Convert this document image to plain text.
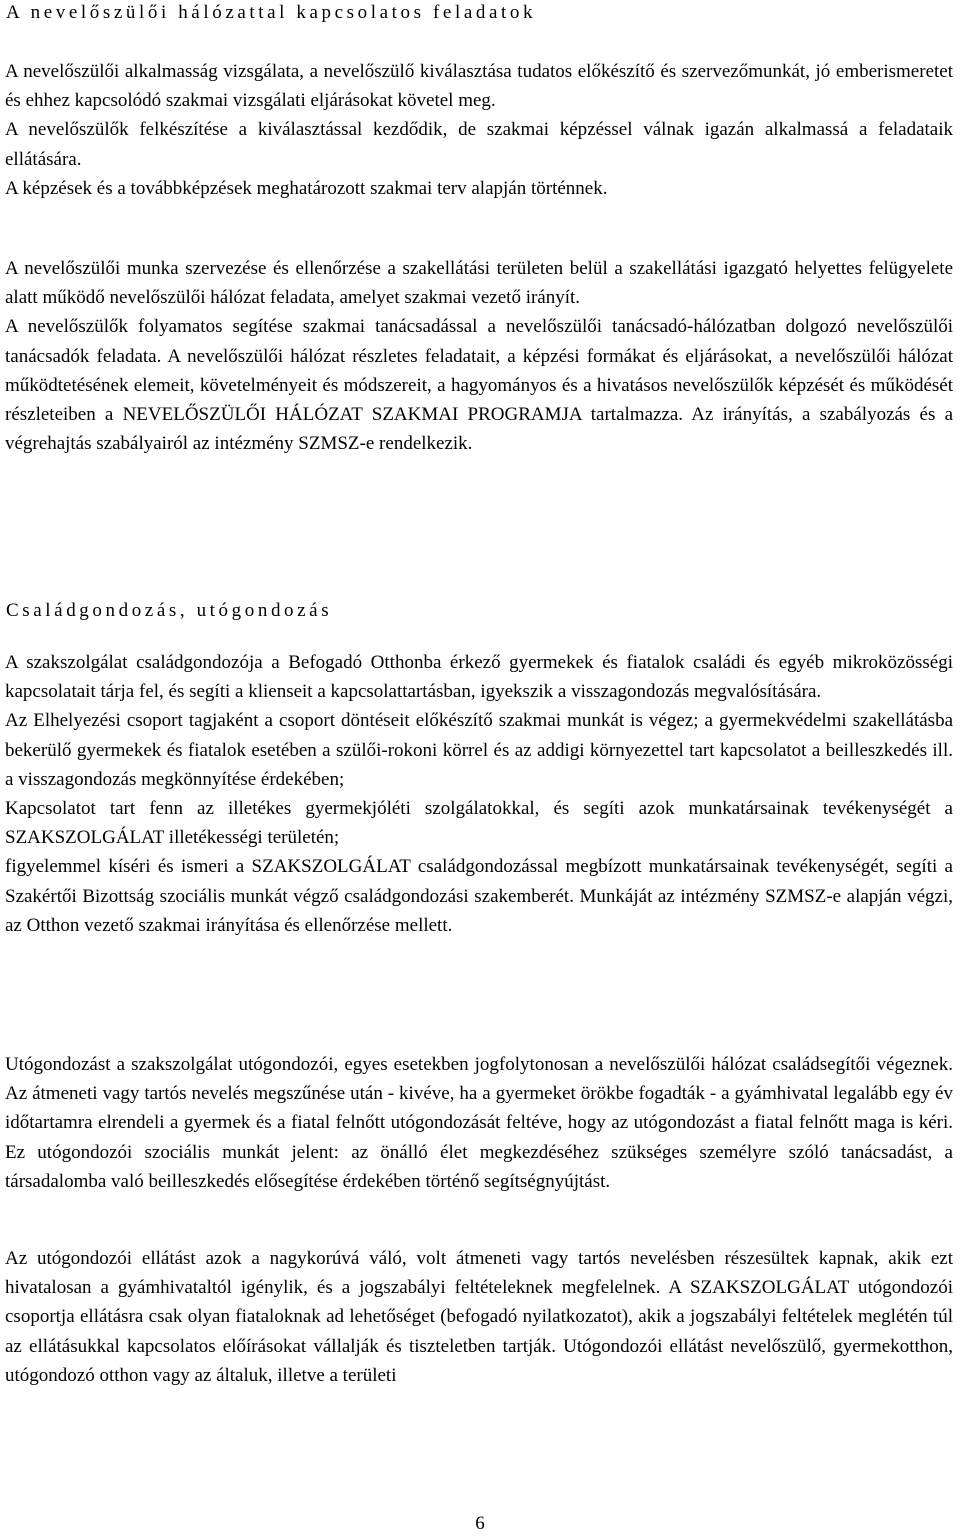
A nevelőszülői hálózattal kapcsolatos feladatok

A nevelőszülői alkalmasság vizsgálata, a nevelőszülő kiválasztása tudatos előkészítő és szervezőmunkát, jó emberismeretet és ehhez kapcsolódó szakmai vizsgálati eljárásokat követel meg.

A nevelőszülők felkészítése a kiválasztással kezdődik, de szakmai képzéssel válnak igazán alkalmassá a feladataik ellátására.

A képzések és a továbbképzések meghatározott szakmai terv alapján történnek.

A nevelőszülői munka szervezése és ellenőrzése a szakellátási területen belül a szakellátási igazgató helyettes felügyelete alatt működő nevelőszülői hálózat feladata, amelyet szakmai vezető irányít.

A nevelőszülők folyamatos segítése szakmai tanácsadással a nevelőszülői tanácsadó-hálózatban dolgozó nevelőszülői tanácsadók feladata. A nevelőszülői hálózat részletes feladatait, a képzési formákat és eljárásokat, a nevelőszülői hálózat működtetésének elemeit, követelményeit és módszereit, a hagyományos és a hivatásos nevelőszülők képzését és működését részleteiben a NEVELŐSZÜLŐI HÁLÓZAT SZAKMAI PROGRAMJA tartalmazza. Az irányítás, a szabályozás és a végrehajtás szabályairól az intézmény SZMSZ-e rendelkezik.

Családgondozás, utógondozás

A szakszolgálat családgondozója a Befogadó Otthonba érkező gyermekek és fiatalok családi és egyéb mikroközösségi kapcsolatait tárja fel, és segíti a klienseit a kapcsolattartásban, igyekszik a visszagondozás megvalósítására.

Az Elhelyezési csoport tagjaként a csoport döntéseit előkészítő szakmai munkát is végez; a gyermekvédelmi szakellátásba bekerülő gyermekek és fiatalok esetében a szülői-rokoni körrel és az addigi környezettel tart kapcsolatot a beilleszkedés ill. a visszagondozás megkönnyítése érdekében;

Kapcsolatot tart fenn az illetékes gyermekjóléti szolgálatokkal, és segíti azok munkatársainak tevékenységét a SZAKSZOLGÁLAT illetékességi területén;

figyelemmel kíséri és ismeri a SZAKSZOLGÁLAT családgondozással megbízott munkatársainak tevékenységét, segíti a Szakértői Bizottság szociális munkát végző családgondozási szakemberét. Munkáját az intézmény SZMSZ-e alapján végzi, az Otthon vezető szakmai irányítása és ellenőrzése mellett.

Utógondozást a szakszolgálat utógondozói, egyes esetekben jogfolytonosan a nevelőszülői hálózat családsegítői végeznek. Az átmeneti vagy tartós nevelés megszűnése után - kivéve, ha a gyermeket örökbe fogadták - a gyámhivatal legalább egy év időtartamra elrendeli a gyermek és a fiatal felnőtt utógondozását feltéve, hogy az utógondozást a fiatal felnőtt maga is kéri. Ez utógondozói szociális munkát jelent: az önálló élet megkezdéséhez szükséges személyre szóló tanácsadást, a társadalomba való beilleszkedés elősegítése érdekében történő segítségnyújtást.

Az utógondozói ellátást azok a nagykorúvá váló, volt átmeneti vagy tartós nevelésben részesültek kapnak, akik ezt hivatalosan a gyámhivataltól igénylik, és a jogszabályi feltételeknek megfelelnek. A SZAKSZOLGÁLAT utógondozói csoportja ellátásra csak olyan fiataloknak ad lehetőséget (befogadó nyilatkozatot), akik a jogszabályi feltételek meglétén túl az ellátásukkal kapcsolatos előírásokat vállalják és tiszteletben tartják. Utógondozói ellátást nevelőszülő, gyermekotthon, utógondozó otthon vagy az általuk, illetve a területi

6
